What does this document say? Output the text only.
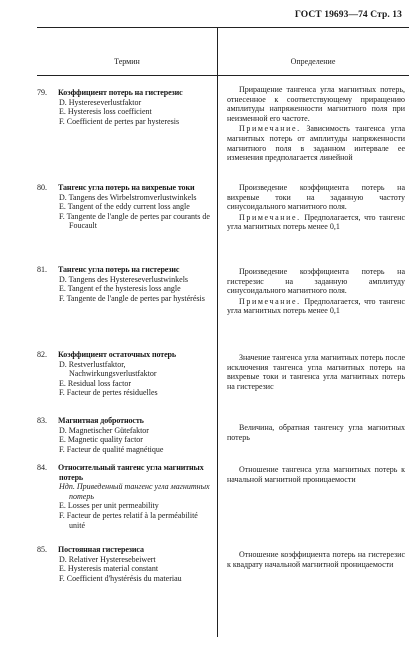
ГОСТ 19693—74 Стр. 13
Термин	Определение
79. Коэффициент потерь на гистерезис
D. Hystereseverlustfaktor
E. Hysteresis loss coefficient
F. Coefficient de pertes par hysteresis

Приращение тангенса угла магнитных потерь, отнесенное к соответствующему приращению амплитуды напряженности магнитного поля при неизменной его частоте.

Примечание. Зависимость тангенса угла магнитных потерь от амплитуды напряженности магнитного поля в заданном интервале ее изменения предполагается линейной

80. Тангенс угла потерь на вихревые токи
D. Tangens des Wirbelstromverlustwinkels
E. Tangent of the eddy current loss angle
F. Tangente de l'angle de pertes par courants de Foucault

Произведение коэффициента потерь на вихревые токи на заданную частоту синусоидального магнитного поля.

Примечание. Предполагается, что тангенс угла магнитных потерь менее 0,1

81. Тангенс угла потерь на гистерезис
D. Tangens des Hystereseverlustwinkels
E. Tangent ef the hysteresis loss angle
F. Tangente de l'angle de pertes par hystérésis

Произведение коэффициента потерь на гистерезис на заданную амплитуду синусоидального магнитного поля.

Примечание. Предполагается, что тангенс угла магнитных потерь менее 0,1

82. Коэффициент остаточных потерь
D. Restverlustfaktor, Nachwirkungsverlustfaktor
E. Residual loss factor
F. Facteur de pertes résiduelles

Значение тангенса угла магнитных потерь после исключения тангенса угла магнитных потерь на вихревые токи и тангенса угла магнитных потерь на гистерезис

83. Магнитная добротность
D. Magnetischer Gütefaktor
E. Magnetic quality factor
F. Facteur de qualité magnétique

Величина, обратная тангенсу угла магнитных потерь

84. Относительный тангенс угла магнитных потерь
Ндп. Приведенный тангенс угла магнитных потерь
E. Losses per unit permeability
F. Facteur de pertes relatif à la perméabilité unité

Отношение тангенса угла магнитных потерь к начальной магнитной проницаемости

85. Постоянная гистерезиса
D. Relativer Hysteresebeiwert
E. Hysteresis material constant
F. Coefficient d'hystérésis du materiau

Отношение коэффициента потерь на гистерезис к квадрату начальной магнитной проницаемости
